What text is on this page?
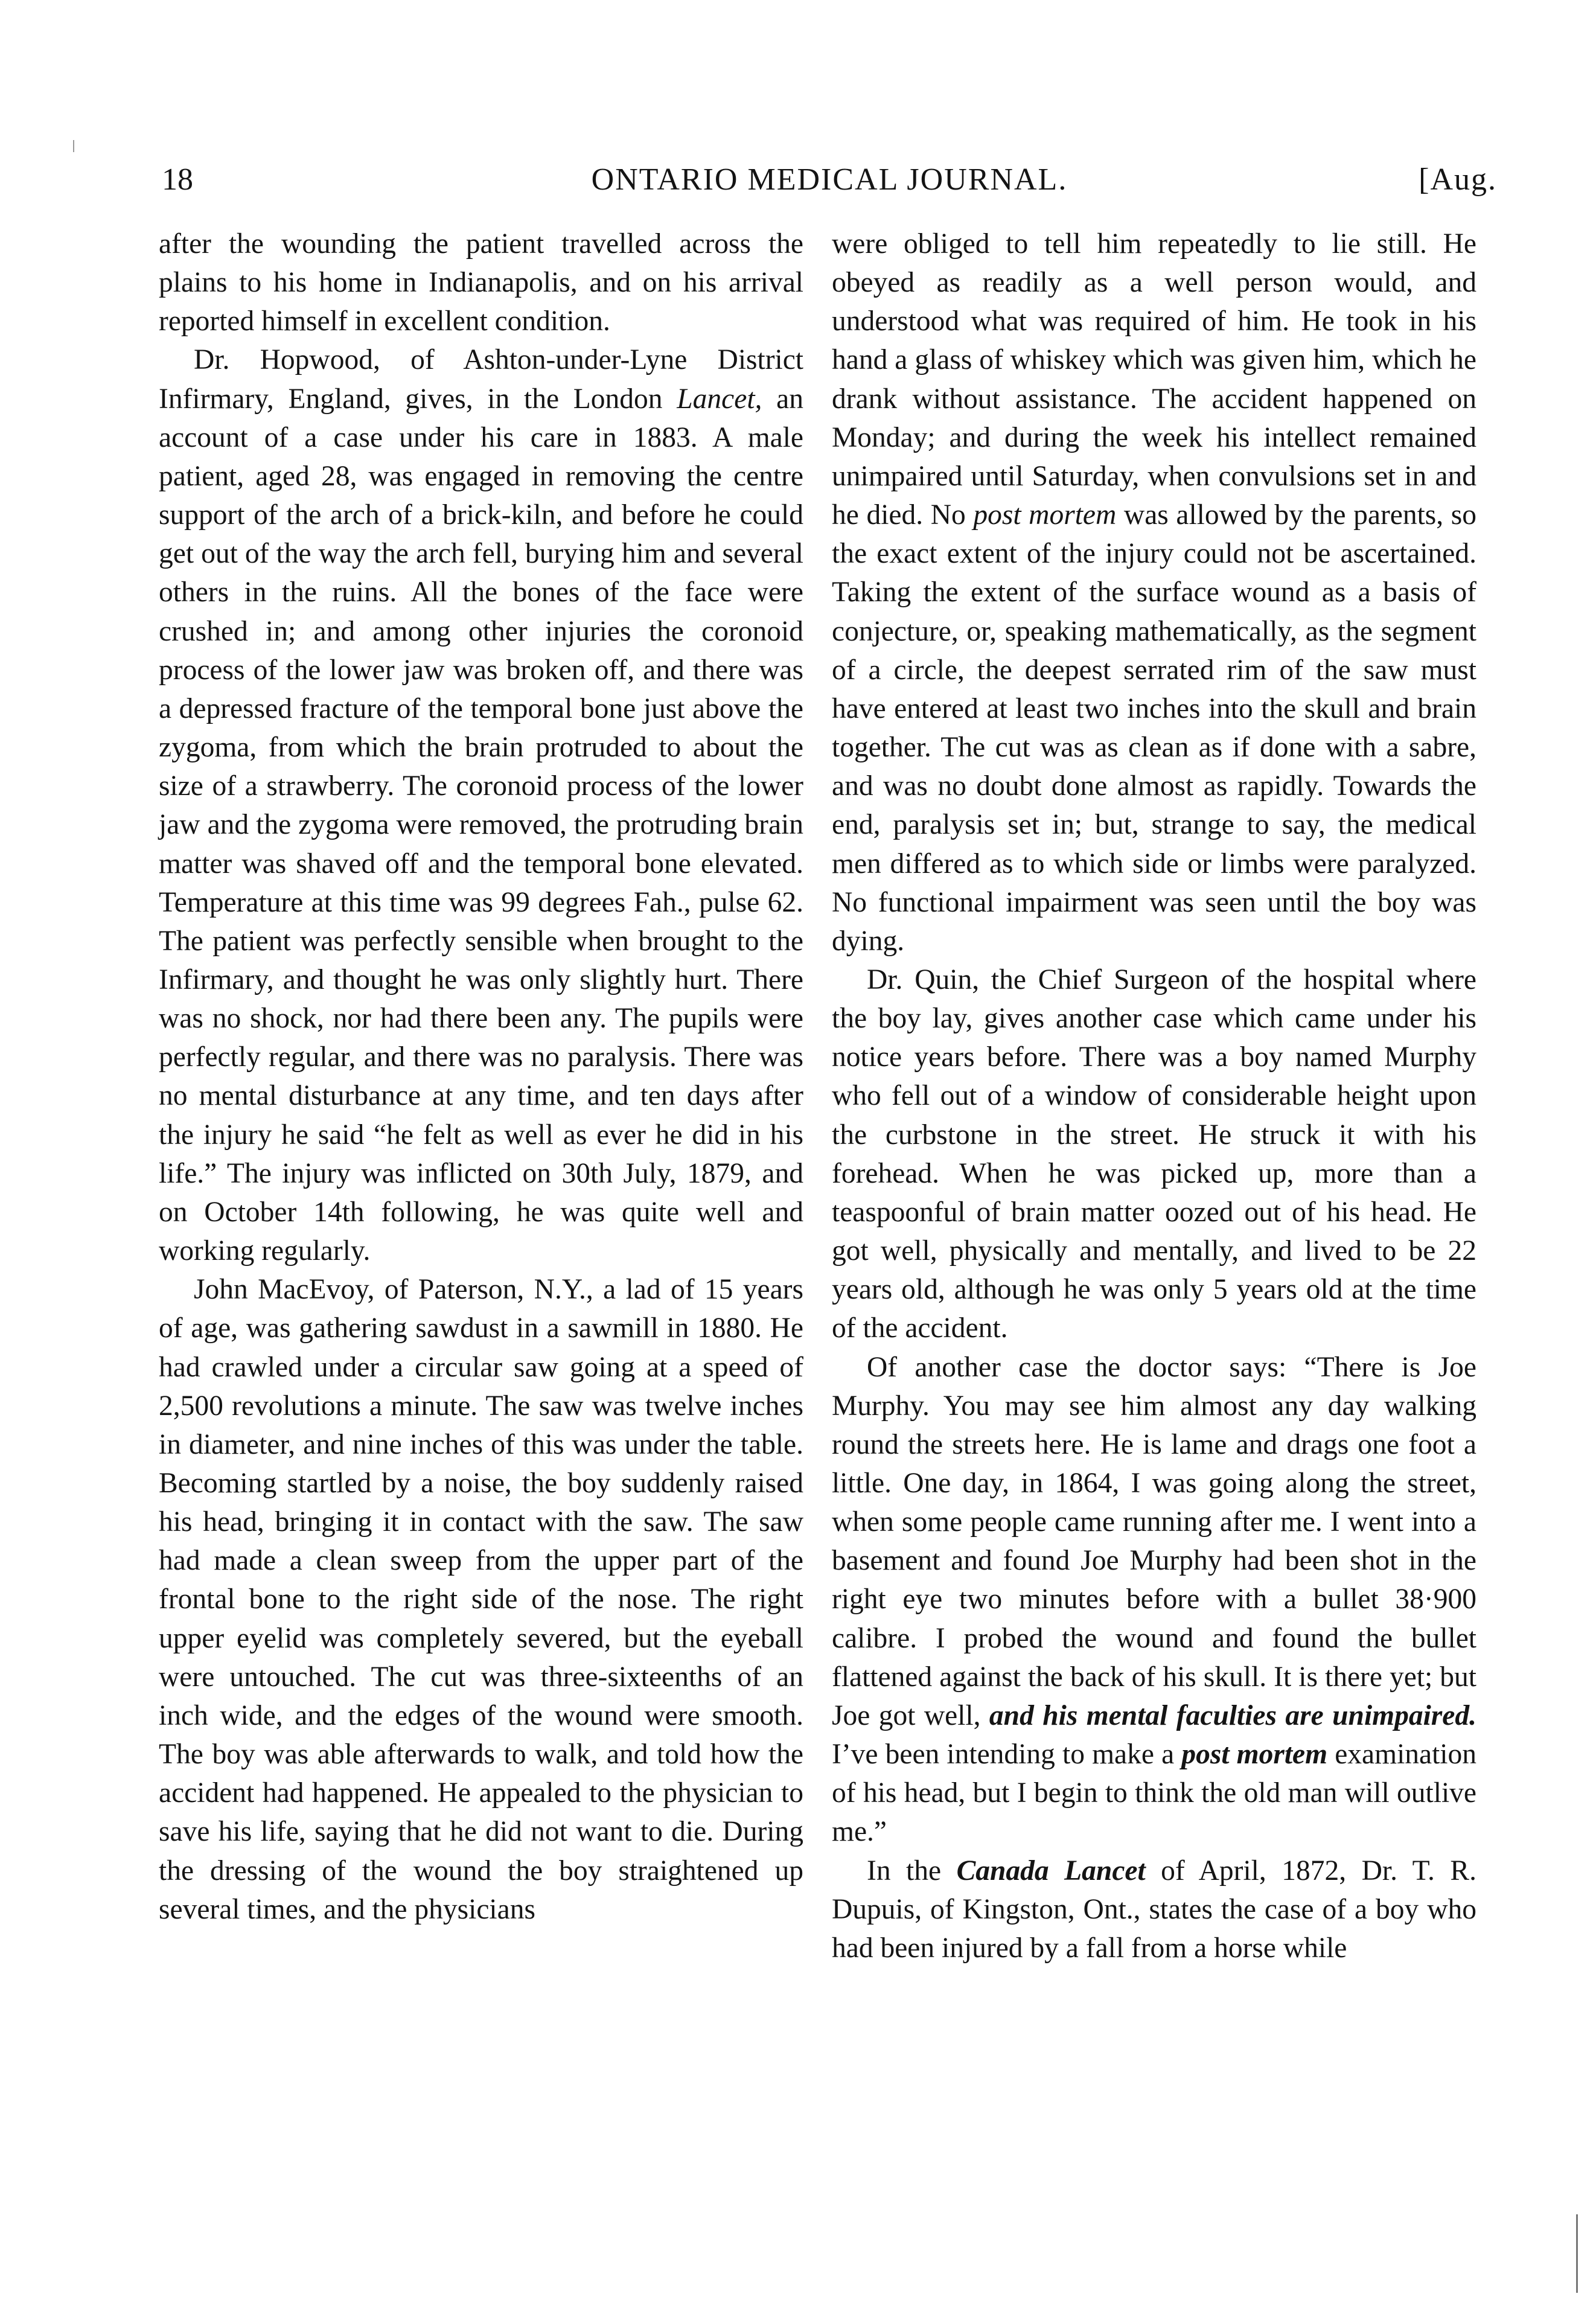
18	ONTARIO MEDICAL JOURNAL.	[Aug.

after the wounding the patient travelled across the plains to his home in Indianapolis, and on his arrival reported himself in excellent condition.

Dr. Hopwood, of Ashton-under-Lyne District Infirmary, England, gives, in the London Lancet, an account of a case under his care in 1883. A male patient, aged 28, was engaged in removing the centre support of the arch of a brick-kiln, and before he could get out of the way the arch fell, burying him and several others in the ruins. All the bones of the face were crushed in; and among other injuries the coronoid process of the lower jaw was broken off, and there was a depressed fracture of the temporal bone just above the zygoma, from which the brain protruded to about the size of a strawberry. The coronoid process of the lower jaw and the zygoma were removed, the protruding brain matter was shaved off and the temporal bone elevated. Temperature at this time was 99 degrees Fah., pulse 62. The patient was perfectly sensible when brought to the Infirmary, and thought he was only slightly hurt. There was no shock, nor had there been any. The pupils were perfectly regular, and there was no paralysis. There was no mental disturbance at any time, and ten days after the injury he said “he felt as well as ever he did in his life.” The injury was inflicted on 30th July, 1879, and on October 14th following, he was quite well and working regularly.

John MacEvoy, of Paterson, N.Y., a lad of 15 years of age, was gathering sawdust in a sawmill in 1880. He had crawled under a circular saw going at a speed of 2,500 revolutions a minute. The saw was twelve inches in diameter, and nine inches of this was under the table. Becoming startled by a noise, the boy suddenly raised his head, bringing it in contact with the saw. The saw had made a clean sweep from the upper part of the frontal bone to the right side of the nose. The right upper eyelid was completely severed, but the eyeball were untouched. The cut was three-sixteenths of an inch wide, and the edges of the wound were smooth. The boy was able afterwards to walk, and told how the accident had happened. He appealed to the physician to save his life, saying that he did not want to die. During the dressing of the wound the boy straightened up several times, and the physicians

were obliged to tell him repeatedly to lie still. He obeyed as readily as a well person would, and understood what was required of him. He took in his hand a glass of whiskey which was given him, which he drank without assistance. The accident happened on Monday; and during the week his intellect remained unimpaired until Saturday, when convulsions set in and he died. No post mortem was allowed by the parents, so the exact extent of the injury could not be ascertained. Taking the extent of the surface wound as a basis of conjecture, or, speaking mathematically, as the segment of a circle, the deepest serrated rim of the saw must have entered at least two inches into the skull and brain together. The cut was as clean as if done with a sabre, and was no doubt done almost as rapidly. Towards the end, paralysis set in; but, strange to say, the medical men differed as to which side or limbs were paralyzed. No functional impairment was seen until the boy was dying.

Dr. Quin, the Chief Surgeon of the hospital where the boy lay, gives another case which came under his notice years before. There was a boy named Murphy who fell out of a window of considerable height upon the curbstone in the street. He struck it with his forehead. When he was picked up, more than a teaspoonful of brain matter oozed out of his head. He got well, physically and mentally, and lived to be 22 years old, although he was only 5 years old at the time of the accident.

Of another case the doctor says: “There is Joe Murphy. You may see him almost any day walking round the streets here. He is lame and drags one foot a little. One day, in 1864, I was going along the street, when some people came running after me. I went into a basement and found Joe Murphy had been shot in the right eye two minutes before with a bullet 38·900 calibre. I probed the wound and found the bullet flattened against the back of his skull. It is there yet; but Joe got well, and his mental faculties are unimpaired. I’ve been intending to make a post mortem examination of his head, but I begin to think the old man will outlive me.”

In the Canada Lancet of April, 1872, Dr. T. R. Dupuis, of Kingston, Ont., states the case of a boy who had been injured by a fall from a horse while
